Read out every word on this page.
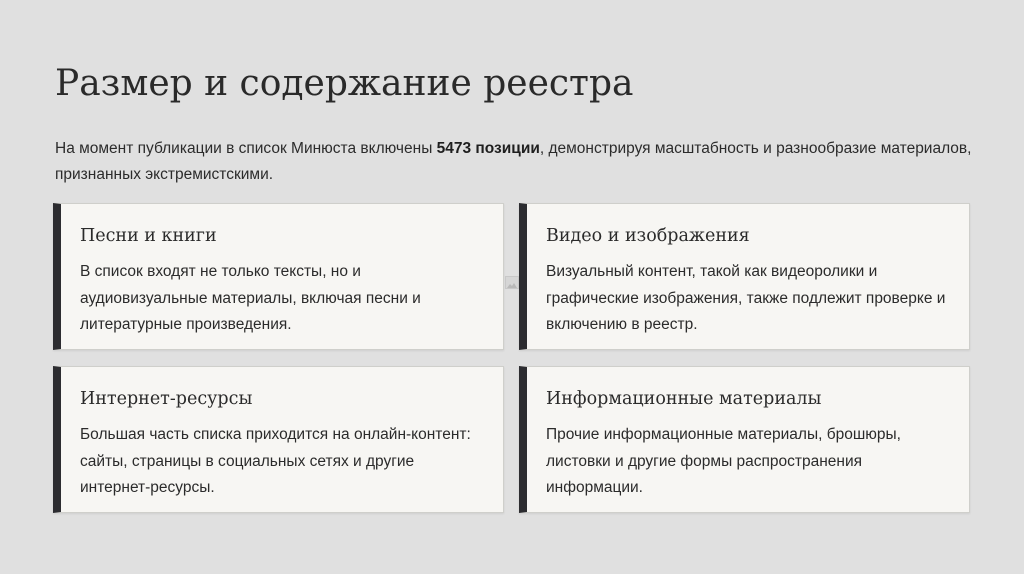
Размер и содержание реестра

На момент публикации в список Минюста включены 5473 позиции, демонстрируя масштабность и разнообразие материалов, признанных экстремистскими.

Песни и книги

В список входят не только тексты, но и аудиовизуальные материалы, включая песни и литературные произведения.

Видео и изображения

Визуальный контент, такой как видеоролики и графические изображения, также подлежит проверке и включению в реестр.

Интернет-ресурсы

Большая часть списка приходится на онлайн-контент: сайты, страницы в социальных сетях и другие интернет-ресурсы.

Информационные материалы

Прочие информационные материалы, брошюры, листовки и другие формы распространения информации.
